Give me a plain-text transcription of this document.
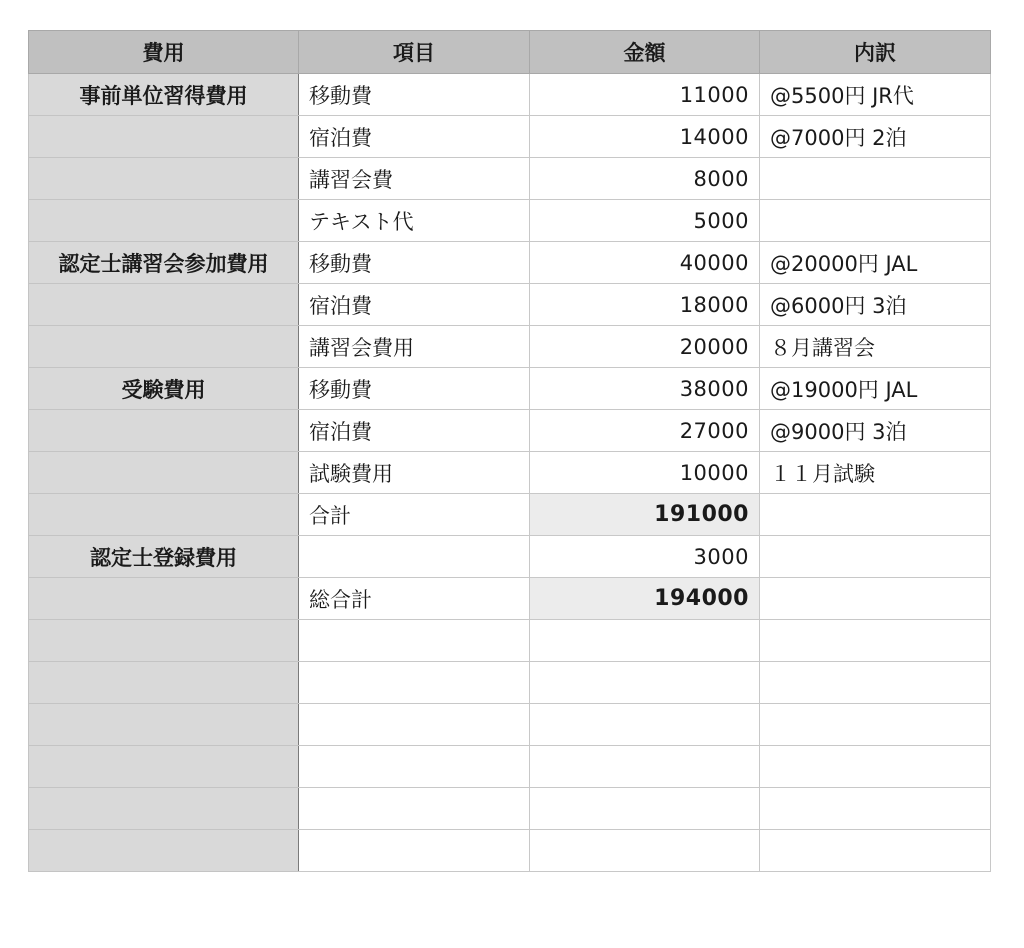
費用	項目	金額	内訳
事前単位習得費用	移動費	11000	@5500円 JR代
	宿泊費	14000	@7000円 2泊
	講習会費	8000	
	テキスト代	5000	
認定士講習会参加費用	移動費	40000	@20000円 JAL
	宿泊費	18000	@6000円 3泊
	講習会費用	20000	８月講習会
受験費用	移動費	38000	@19000円 JAL
	宿泊費	27000	@9000円 3泊
	試験費用	10000	１１月試験
	合計	191000	
認定士登録費用		3000	
	総合計	194000	
